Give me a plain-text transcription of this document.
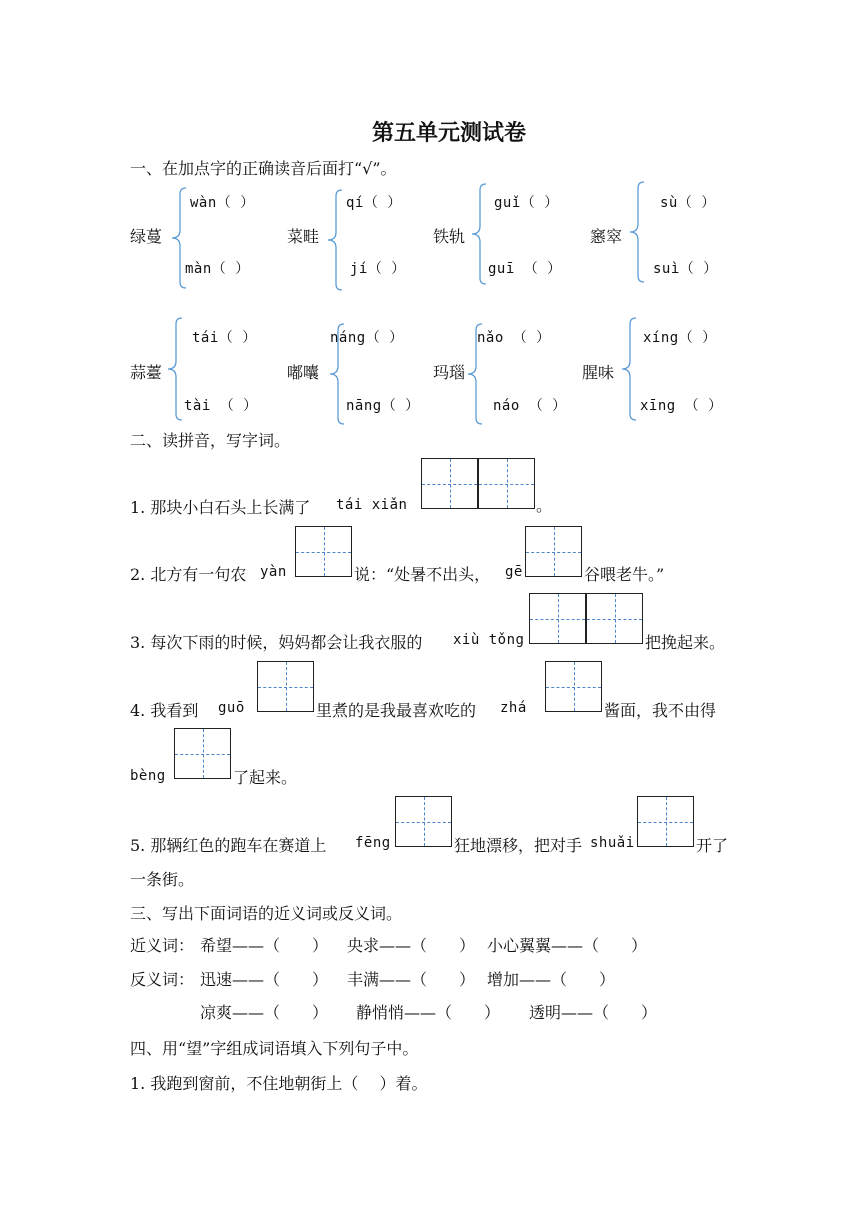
第五单元测试卷
一、在加点字的正确读音后面打“√”。
绿蔓
wàn（ ）
màn（ ）
菜畦
qí（ ）
jí（ ）
铁轨
guǐ（ ）
guī （ ）
窸窣
sù（ ）
suì（ ）
蒜薹
tái（ ）
tài （ ）
嘟囔
náng（ ）
nāng（ ）
玛瑙
nǎo （ ）
náo （ ）
腥味
xíng（ ）
xīng （ ）
二、读拼音，写字词。
1. 那块小白石头上长满了 tái xiǎn	。
2. 北方有一句农 yàn	说：“处暑不出头， gē	谷喂老牛。”
3. 每次下雨的时候，妈妈都会让我衣服的 xiù tǒng	把挽起来。
4. 我看到 guō	里煮的是我最喜欢吃的 zhá	酱面，我不由得
bèng	了起来。
5. 那辆红色的跑车在赛道上 fēng	狂地漂移，把对手 shuǎi	开了
一条街。
三、写出下面词语的近义词或反义词。
近义词： 希望——（　　） 央求——（　　） 小心翼翼——（　　）
反义词： 迅速——（　　） 丰满——（　　） 增加——（　　）
凉爽——（　　） 静悄悄——（　　） 透明——（　　）
四、用“望”字组成词语填入下列句子中。
1. 我跑到窗前，不住地朝街上（　 ）着。
